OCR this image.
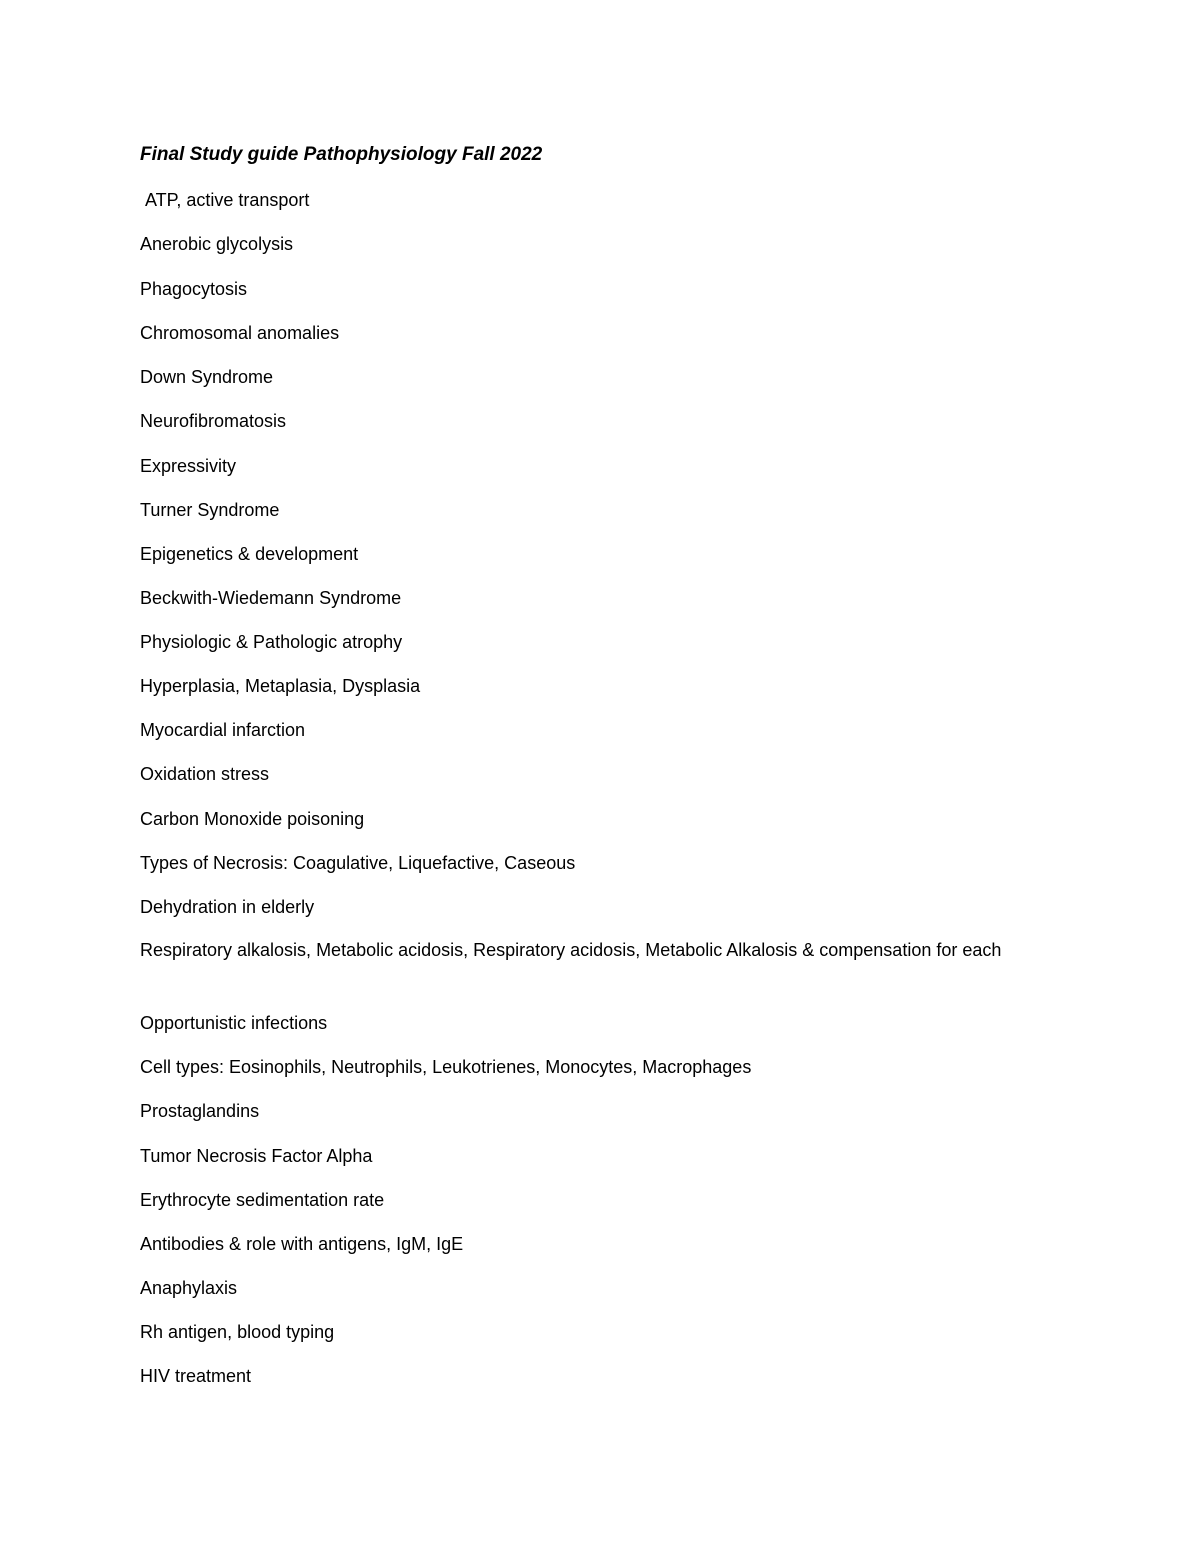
Final Study guide Pathophysiology Fall 2022

ATP, active transport

Anerobic glycolysis

Phagocytosis

Chromosomal anomalies

Down Syndrome

Neurofibromatosis

Expressivity

Turner Syndrome

Epigenetics & development

Beckwith-Wiedemann Syndrome

Physiologic & Pathologic atrophy

Hyperplasia, Metaplasia, Dysplasia

Myocardial infarction

Oxidation stress

Carbon Monoxide poisoning

Types of Necrosis: Coagulative, Liquefactive, Caseous

Dehydration in elderly

Respiratory alkalosis, Metabolic acidosis, Respiratory acidosis, Metabolic Alkalosis & compensation for each

Opportunistic infections

Cell types: Eosinophils, Neutrophils, Leukotrienes, Monocytes, Macrophages

Prostaglandins

Tumor Necrosis Factor Alpha

Erythrocyte sedimentation rate

Antibodies & role with antigens, IgM, IgE

Anaphylaxis

Rh antigen, blood typing

HIV treatment
